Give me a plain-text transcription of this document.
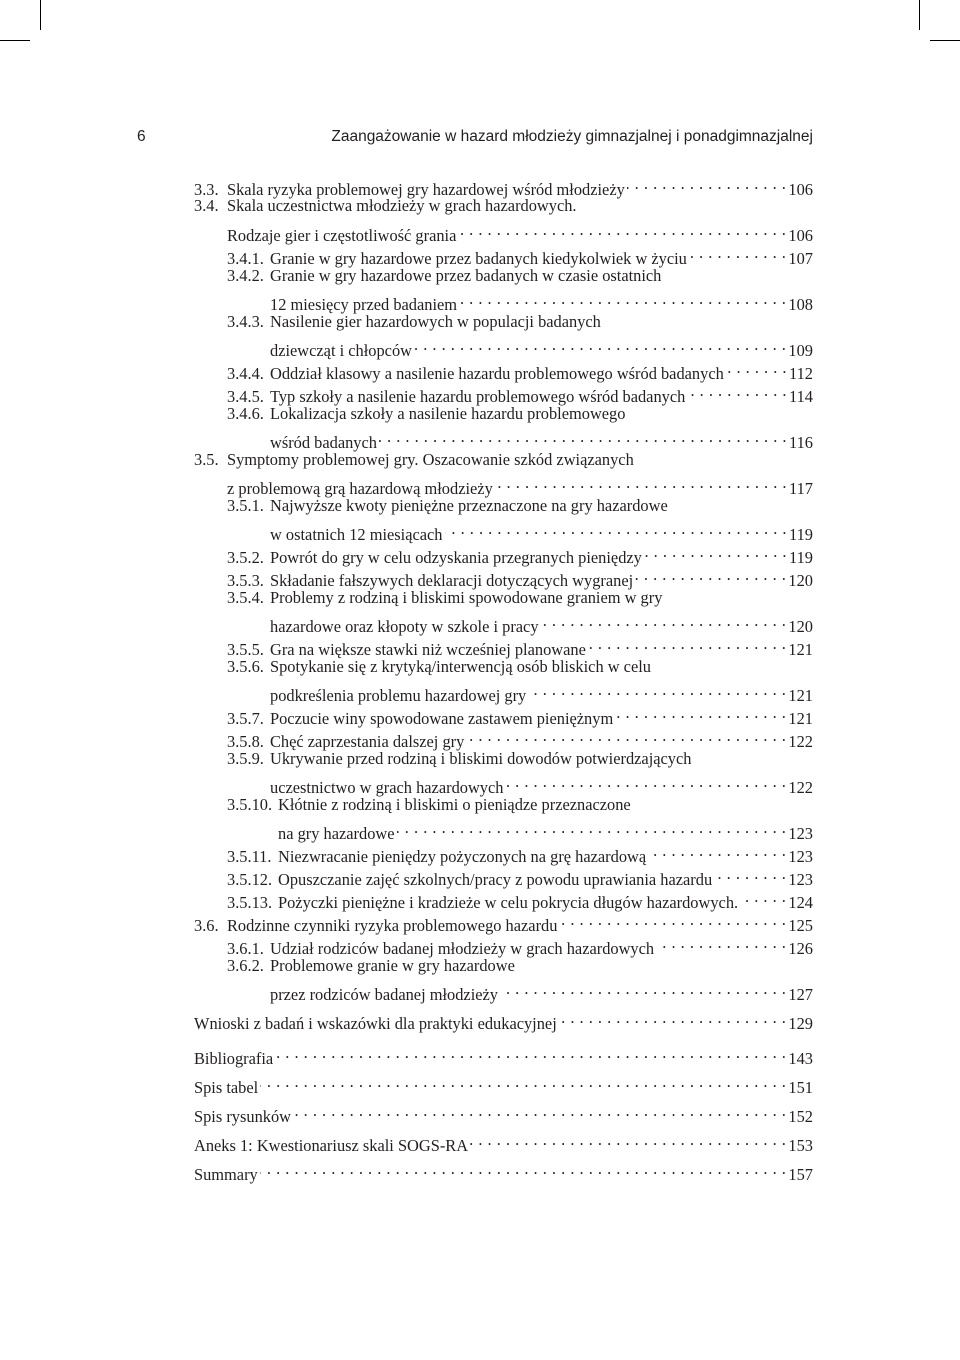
6	Zaangażowanie w hazard młodzieży gimnazjalnej i ponadgimnazjalnej
3.3. Skala ryzyka problemowej gry hazardowej wśród młodzieży . . .	106
3.4. Skala uczestnictwa młodzieży w grach hazardowych.
Rodzaje gier i częstotliwość grania . . .	106
3.4.1. Granie w gry hazardowe przez badanych kiedykolwiek w życiu . . .	107
3.4.2. Granie w gry hazardowe przez badanych w czasie ostatnich
12 miesięcy przed badaniem . . .	108
3.4.3. Nasilenie gier hazardowych w populacji badanych
dziewcząt i chłopców . . .	109
3.4.4. Oddział klasowy a nasilenie hazardu problemowego wśród badanych . . .	112
3.4.5. Typ szkoły a nasilenie hazardu problemowego wśród badanych . . .	114
3.4.6. Lokalizacja szkoły a nasilenie hazardu problemowego
wśród badanych . . .	116
3.5. Symptomy problemowej gry. Oszacowanie szkód związanych
z problemową grą hazardową młodzieży . . .	117
3.5.1. Najwyższe kwoty pieniężne przeznaczone na gry hazardowe
w ostatnich 12 miesiącach . . .	119
3.5.2. Powrót do gry w celu odzyskania przegranych pieniędzy . . .	119
3.5.3. Składanie fałszywych deklaracji dotyczących wygranej . . .	120
3.5.4. Problemy z rodziną i bliskimi spowodowane graniem w gry
hazardowe oraz kłopoty w szkole i pracy . . .	120
3.5.5. Gra na większe stawki niż wcześniej planowane . . .	121
3.5.6. Spotykanie się z krytyką/interwencją osób bliskich w celu
podkreślenia problemu hazardowej gry . . .	121
3.5.7. Poczucie winy spowodowane zastawem pieniężnym . . .	121
3.5.8. Chęć zaprzestania dalszej gry . . .	122
3.5.9. Ukrywanie przed rodziną i bliskimi dowodów potwierdzających
uczestnictwo w grach hazardowych . . .	122
3.5.10. Kłótnie z rodziną i bliskimi o pieniądze przeznaczone
na gry hazardowe . . .	123
3.5.11. Niezwracanie pieniędzy pożyczonych na grę hazardową . . .	123
3.5.12. Opuszczanie zajęć szkolnych/pracy z powodu uprawiania hazardu . . .	123
3.5.13. Pożyczki pieniężne i kradzieże w celu pokrycia długów hazardowych. . . .	124
3.6. Rodzinne czynniki ryzyka problemowego hazardu . . .	125
3.6.1. Udział rodziców badanej młodzieży w grach hazardowych . . .	126
3.6.2. Problemowe granie w gry hazardowe
przez rodziców badanej młodzieży . . .	127
Wnioski z badań i wskazówki dla praktyki edukacyjnej . . .	129
Bibliografia . . .	143
Spis tabel . . .	151
Spis rysunków . . .	152
Aneks 1: Kwestionariusz skali SOGS-RA . . .	153
Summary . . .	157
